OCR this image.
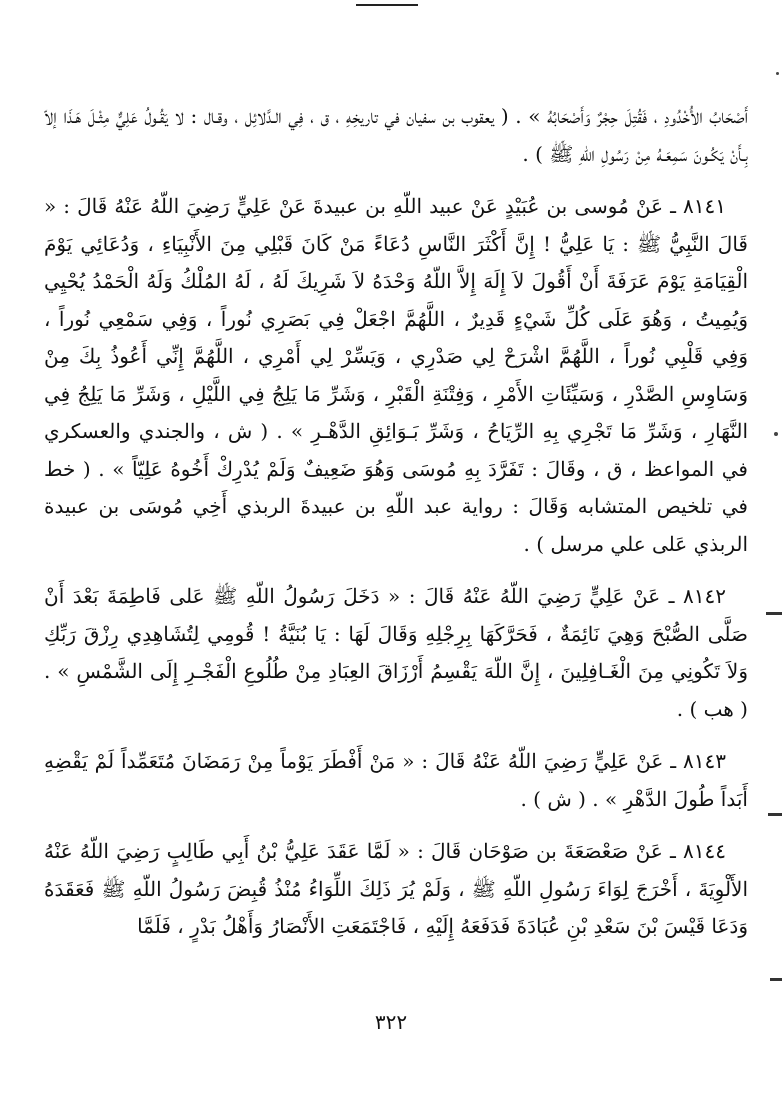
أَصْحَابُ الأُخْدُودِ ، فَقُتِلَ حِجْرٌ وَأَصْحَابُهُ » . ( يعقوب بن سفيان في تاريخِهِ ، ق ، فِي الـدَّلائِل ، وقـال : لا يَقُـولُ عَلِيٌّ مِثْـلَ هَـذَا إلاّ بِـأَنْ يَكُـونَ سَمِعَـهُ مِنْ رَسُولِ اللّهِ ﷺ ) .

٨١٤١ ـ عَنْ مُوسى بن عُبَيْدٍ عَنْ عبيد اللّهِ بن عبيدةَ عَنْ عَلِيٍّ رَضِيَ اللّهُ عَنْهُ قَالَ : « قَالَ النَّبِيُّ ﷺ : يَا عَلِيُّ ! إِنَّ أَكْثَرَ النَّاسِ دُعَاءً مَنْ كَانَ قَبْلِي مِنَ الأَنْبِيَاءِ ، وَدُعَائِي يَوْمَ الْقِيَامَةِ يَوْمَ عَرَفَةَ أَنْ أَقُولَ لاَ إِلَهَ إِلاَّ اللّهُ وَحْدَهُ لاَ شَرِيكَ لَهُ ، لَهُ المُلْكُ وَلَهُ الْحَمْدُ يُحْيِي وَيُمِيتُ ، وَهُوَ عَلَى كُلِّ شَيْءٍ قَدِيرٌ ، اللَّهُمَّ اجْعَلْ فِي بَصَرِي نُوراً ، وَفِي سَمْعِي نُوراً ، وَفِي قَلْبِي نُوراً ، اللَّهُمَّ اشْرَحْ لِي صَدْرِي ، وَيَسِّرْ لِي أَمْرِي ، اللَّهُمَّ إِنِّي أَعُوذُ بِكَ مِنْ وَسَاوِسِ الصَّدْرِ ، وَسَيِّئَاتِ الأَمْرِ ، وَفِتْنَةِ الْقَبْرِ ، وَشَرِّ مَا يَلِجُ فِي اللَّيْلِ ، وَشَرِّ مَا يَلِجُ فِي النَّهَارِ ، وَشَرِّ مَا تَجْرِي بِهِ الرِّيَاحُ ، وَشَرِّ بَـوَائِقِ الدَّهْـرِ » . ( ش ، والجندي والعسكري في المواعظ ، ق ، وقَالَ : تَفَرَّدَ بِهِ مُوسَى وَهُوَ ضَعِيفٌ وَلَمْ يُدْرِكْ أَخُوهُ عَلِيّاً » . ( خط في تلخيص المتشابه وَقَالَ : رواية عبد اللّهِ بن عبيدةَ الربذي أَخِي مُوسَى بن عبيدة الربذي عَلى علي مرسل ) .

٨١٤٢ ـ عَنْ عَلِيٍّ رَضِيَ اللّهُ عَنْهُ قَالَ : « دَخَلَ رَسُولُ اللّهِ ﷺ عَلى فَاطِمَةَ بَعْدَ أَنْ صَلَّى الصُّبْحَ وَهِيَ نَائِمَةٌ ، فَحَرَّكَهَا بِرِجْلِهِ وَقَالَ لَهَا : يَا بُنَيَّةُ ! قُومِي لِتُشَاهِدِي رِزْقَ رَبِّكِ وَلاَ تَكُونِي مِنَ الْغَـافِلِينَ ، إِنَّ اللّهَ يَقْسِمُ أَرْزَاقَ العِبَادِ مِنْ طُلُوعِ الْفَجْـرِ إِلَى الشَّمْسِ » . ( هب ) .

٨١٤٣ ـ عَنْ عَلِيٍّ رَضِيَ اللّهُ عَنْهُ قَالَ : « مَنْ أَفْطَرَ يَوْماً مِنْ رَمَضَانَ مُتَعَمِّداً لَمْ يَقْضِهِ أَبَداً طُولَ الدَّهْرِ » . ( ش ) .

٨١٤٤ ـ عَنْ صَعْصَعَةَ بن صَوْحَان قَالَ : « لَمَّا عَقَدَ عَلِيُّ بْنُ أَبِي طَالِبٍ رَضِيَ اللّهُ عَنْهُ الأَلْوِيَةَ ، أَخْرَجَ لِوَاءَ رَسُولِ اللّهِ ﷺ ، وَلَمْ يُرَ ذَلِكَ اللِّوَاءُ مُنْذُ قُبِضَ رَسُولُ اللّهِ ﷺ فَعَقَدَهُ وَدَعَا قَيْسَ بْنَ سَعْدِ بْنِ عُبَادَةَ فَدَفَعَهُ إِلَيْهِ ، فَاجْتَمَعَتِ الأَنْصَارُ وَأَهْلُ بَدْرٍ ، فَلَمَّا

٣٢٢
